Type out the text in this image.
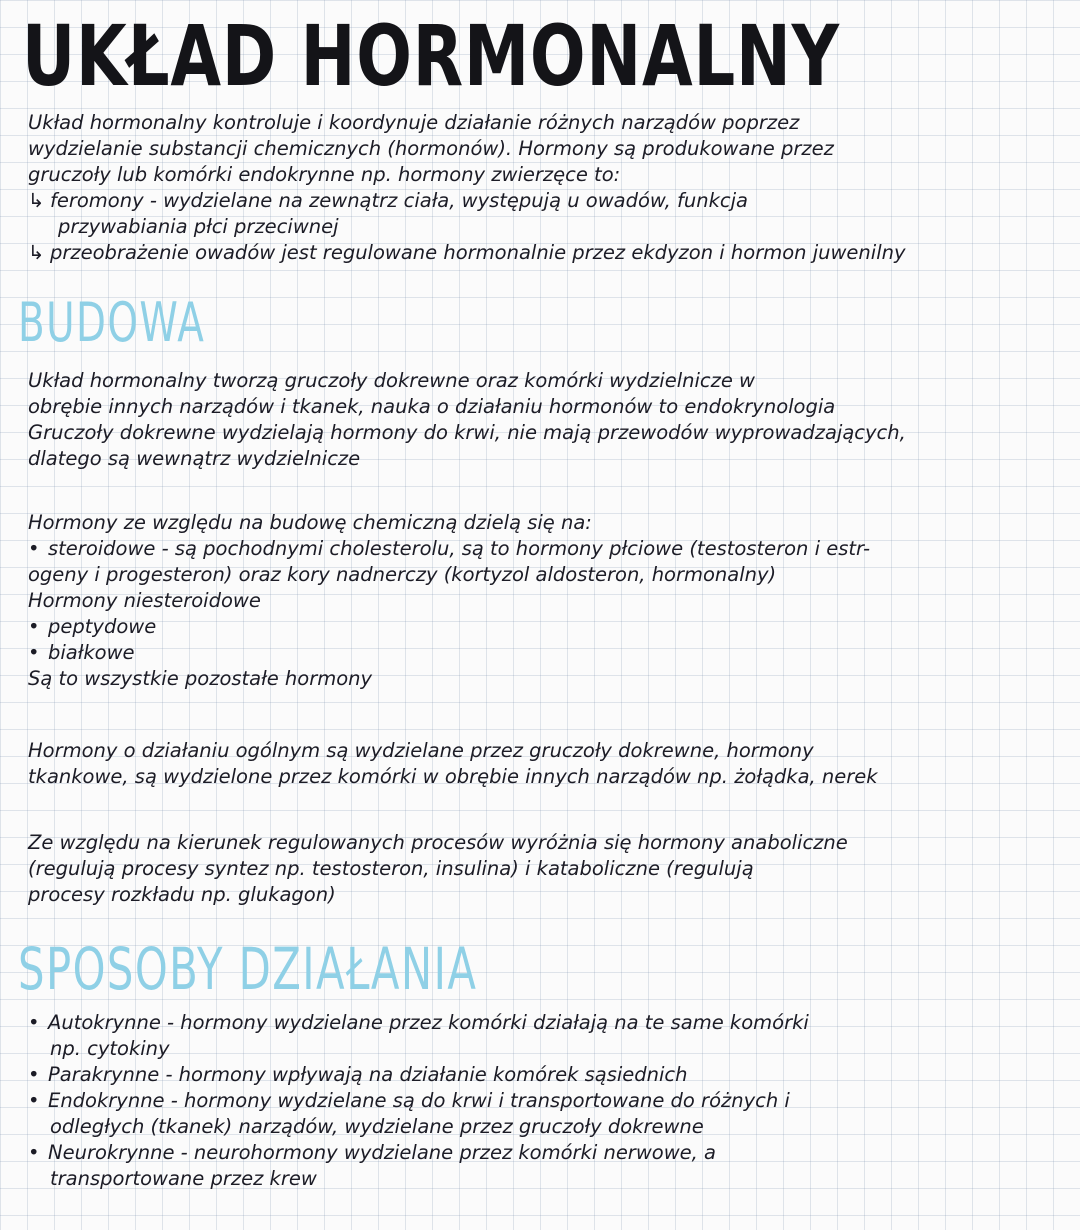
UKŁAD HORMONALNY
Układ hormonalny kontroluje i koordynuje działanie różnych narządów poprzez
wydzielanie substancji chemicznych (hormonów). Hormony są produkowane przez
gruczoły lub komórki endokrynne np. hormony zwierzęce to:
↳ feromony - wydzielane na zewnątrz ciała, występują u owadów, funkcja
przywabiania płci przeciwnej
↳ przeobrażenie owadów jest regulowane hormonalnie przez ekdyzon i hormon juwenilny
BUDOWA
Układ hormonalny tworzą gruczoły dokrewne oraz komórki wydzielnicze w
obrębie innych narządów i tkanek, nauka o działaniu hormonów to endokrynologia
Gruczoły dokrewne wydzielają hormony do krwi, nie mają przewodów wyprowadzających,
dlatego są wewnątrz wydzielnicze
Hormony ze względu na budowę chemiczną dzielą się na:
• steroidowe - są pochodnymi cholesterolu, są to hormony płciowe (testosteron i estr-
ogeny i progesteron) oraz kory nadnerczy (kortyzol aldosteron, hormonalny)
Hormony niesteroidowe
• peptydowe
• białkowe
Są to wszystkie pozostałe hormony
Hormony o działaniu ogólnym są wydzielane przez gruczoły dokrewne, hormony
tkankowe, są wydzielone przez komórki w obrębie innych narządów np. żołądka, nerek
Ze względu na kierunek regulowanych procesów wyróżnia się hormony anaboliczne
(regulują procesy syntez np. testosteron, insulina) i kataboliczne (regulują
procesy rozkładu np. glukagon)
SPOSOBY DZIAŁANIA
• Autokrynne - hormony wydzielane przez komórki działają na te same komórki
np. cytokiny
• Parakrynne - hormony wpływają na działanie komórek sąsiednich
• Endokrynne - hormony wydzielane są do krwi i transportowane do różnych i
odległych (tkanek) narządów, wydzielane przez gruczoły dokrewne
• Neurokrynne - neurohormony wydzielane przez komórki nerwowe, a
transportowane przez krew
